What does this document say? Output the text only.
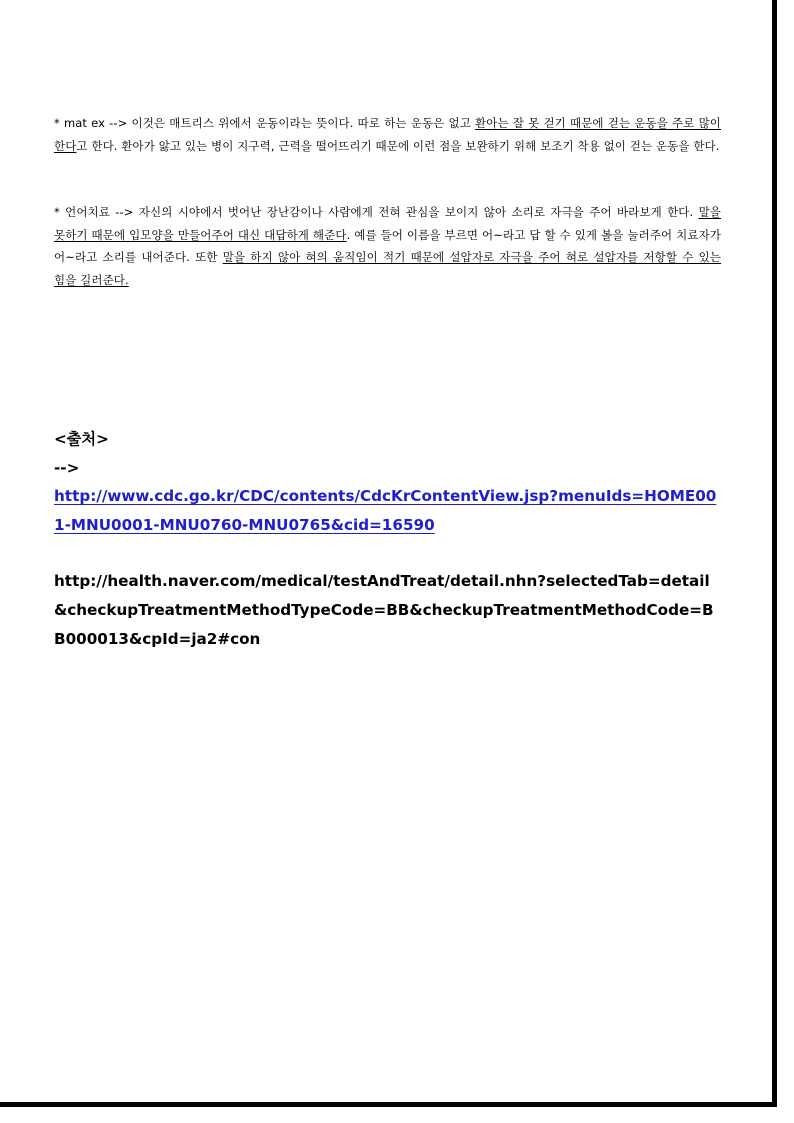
* mat ex --> 이것은 매트리스 위에서 운동이라는 뜻이다. 따로 하는 운동은 없고 환아는 잘 못 걷기 때문에 걷는 운동을 주로 많이 한다고 한다. 환아가 앓고 있는 병이 지구력, 근력을 떨어뜨리기 때문에 이런 점을 보완하기 위해 보조기 착용 없이 걷는 운동을 한다.

* 언어치료 --> 자신의 시야에서 벗어난 장난감이나 사람에게 전혀 관심을 보이지 않아 소리로 자극을 주어 바라보게 한다. 말을 못하기 때문에 입모양을 만들어주어 대신 대답하게 해준다. 예를 들어 이름을 부르면 어~라고 답 할 수 있게 볼을 눌러주어 치료자가 어~라고 소리를 내어준다. 또한 말을 하지 않아 혀의 움직임이 적기 때문에 설압자로 자극을 주어 혀로 설압자를 저항할 수 있는 힘을 길러준다.

<출처>
-->
http://www.cdc.go.kr/CDC/contents/CdcKrContentView.jsp?menuIds=HOME001-MNU0001-MNU0760-MNU0765&cid=16590
http://health.naver.com/medical/testAndTreat/detail.nhn?selectedTab=detail&checkupTreatmentMethodTypeCode=BB&checkupTreatmentMethodCode=BB000013&cpId=ja2#con
